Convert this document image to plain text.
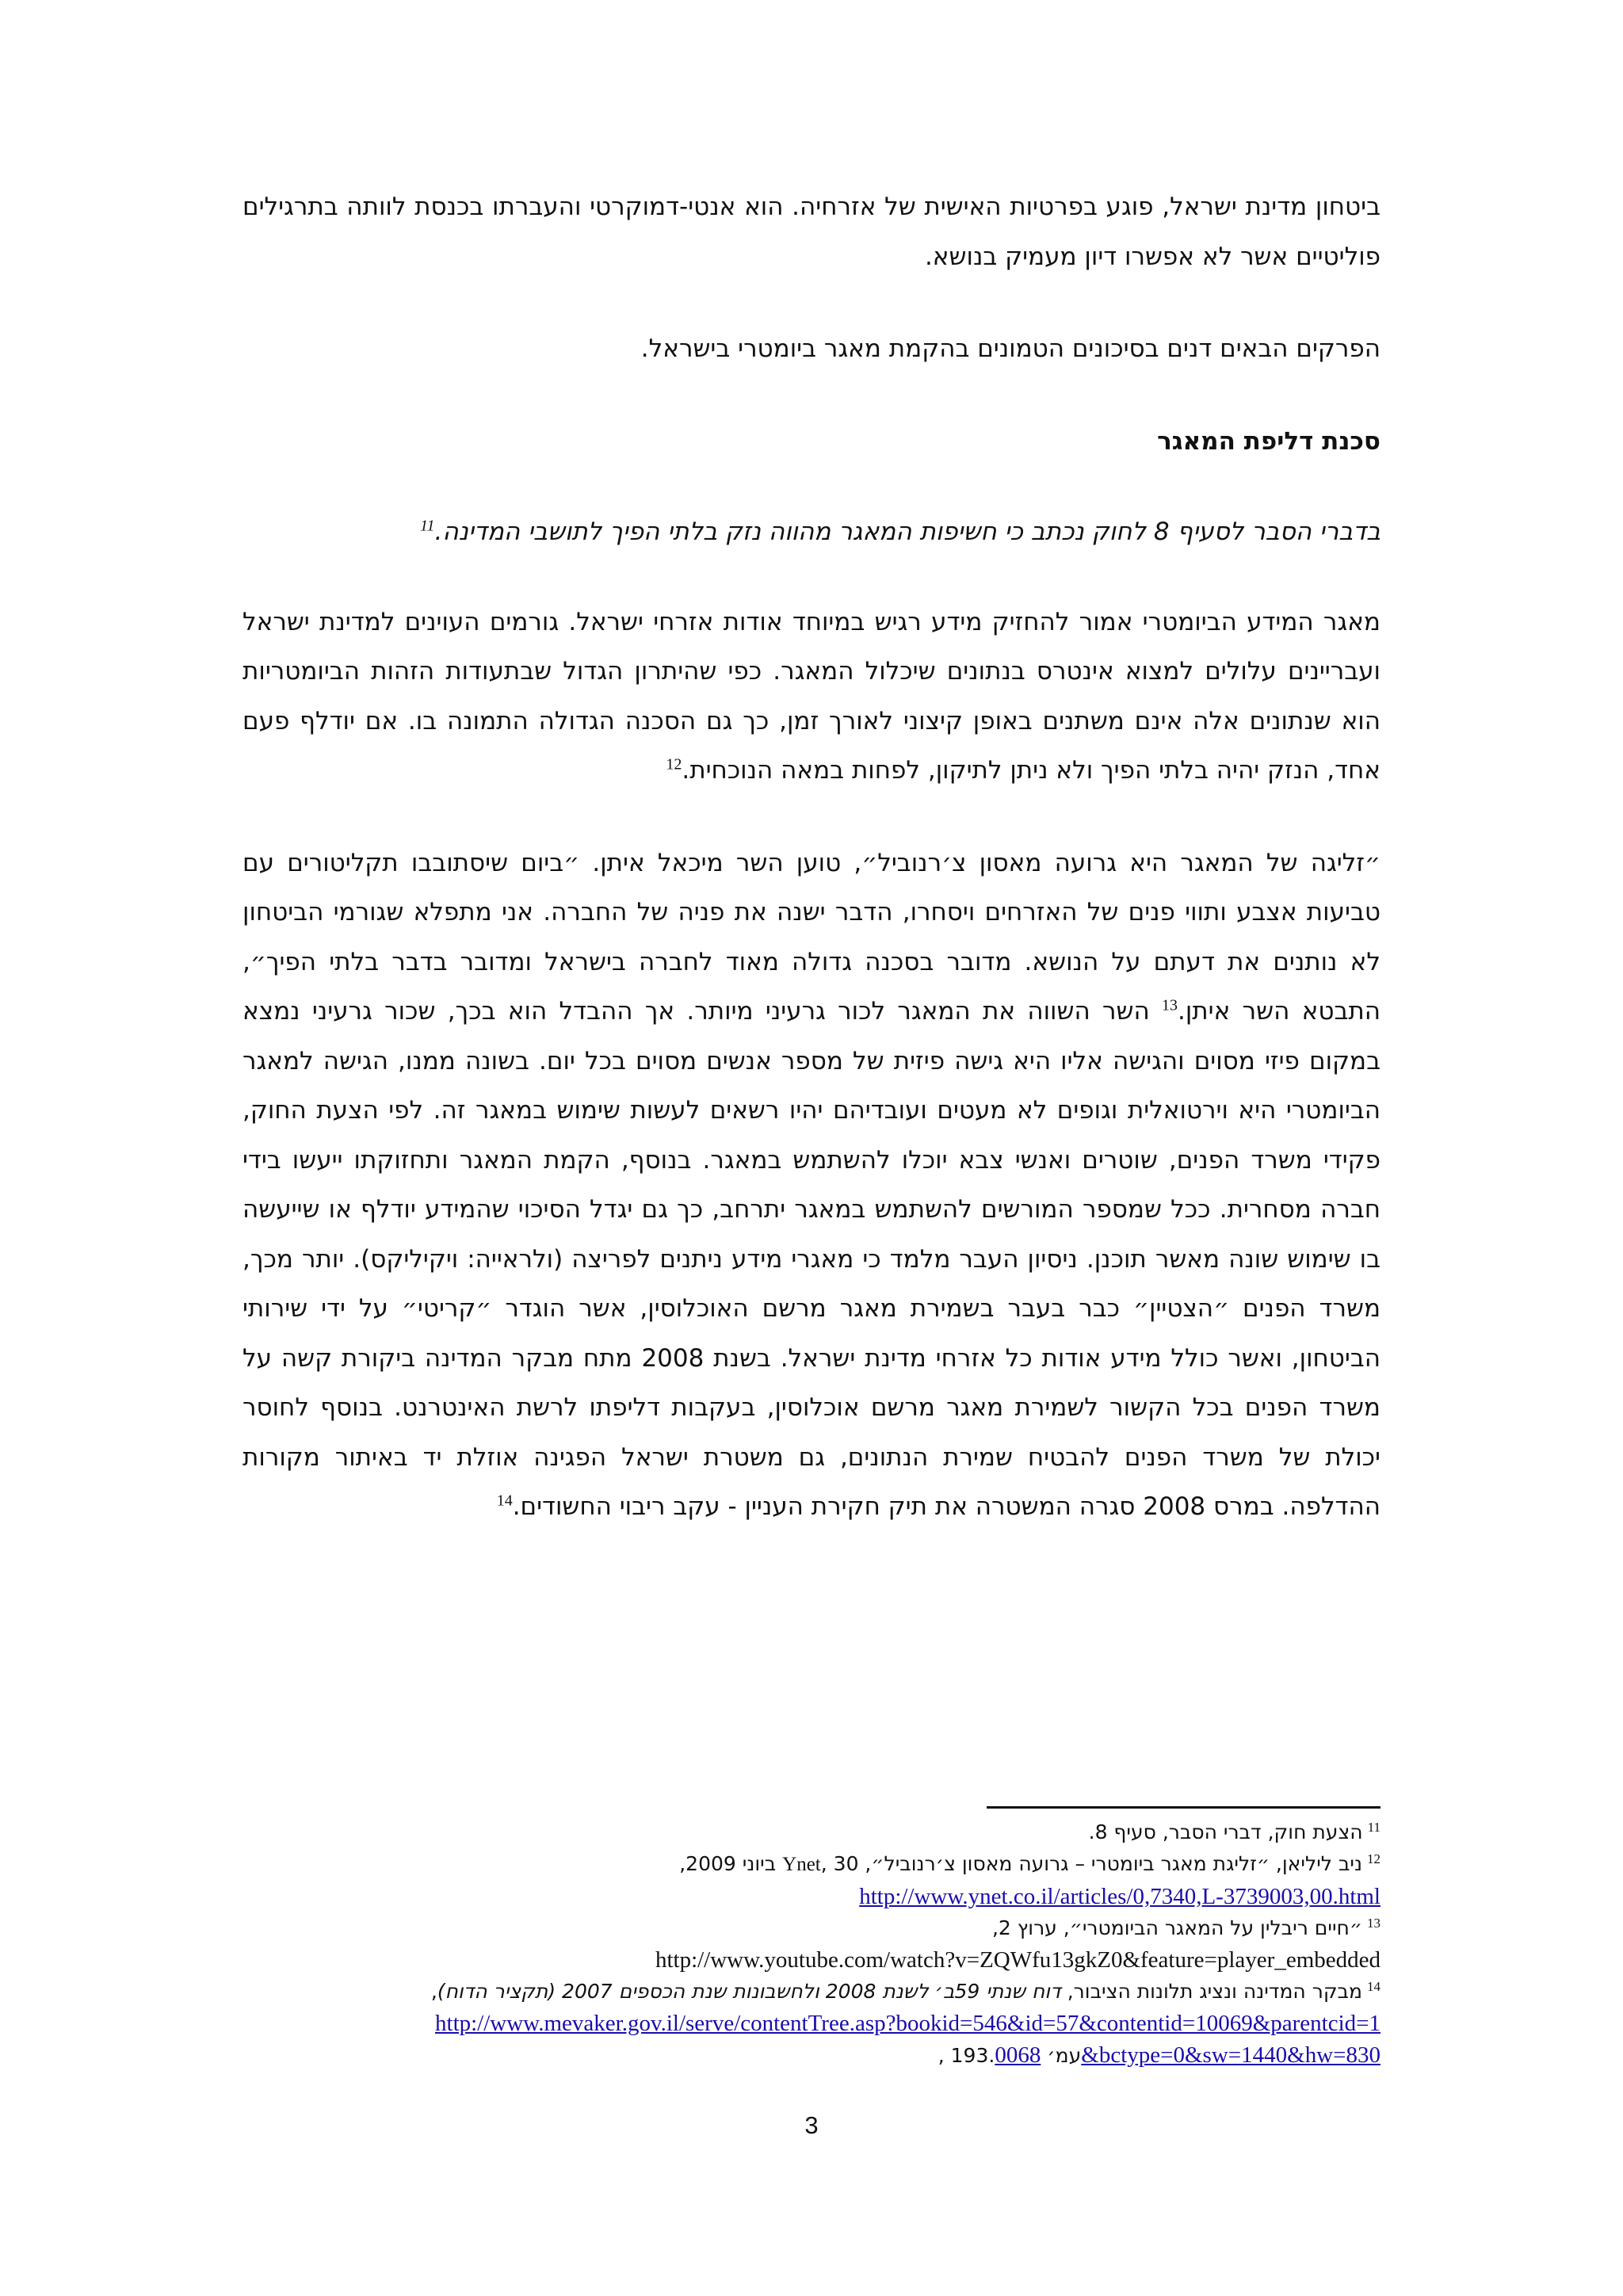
ביטחון מדינת ישראל, פוגע בפרטיות האישית של אזרחיה. הוא אנטי-דמוקרטי והעברתו בכנסת לוותה בתרגילים פוליטיים אשר לא אפשרו דיון מעמיק בנושא.

הפרקים הבאים דנים בסיכונים הטמונים בהקמת מאגר ביומטרי בישראל.

סכנת דליפת המאגר

בדברי הסבר לסעיף 8 לחוק נכתב כי חשיפות המאגר מהווה נזק בלתי הפיך לתושבי המדינה.$^{11}$

מאגר המידע הביומטרי אמור להחזיק מידע רגיש במיוחד אודות אזרחי ישראל. גורמים העוינים למדינת ישראל ועבריינים עלולים למצוא אינטרס בנתונים שיכלול המאגר. כפי שהיתרון הגדול שבתעודות הזהות הביומטריות הוא שנתונים אלה אינם משתנים באופן קיצוני לאורך זמן, כך גם הסכנה הגדולה התמונה בו. אם יודלף פעם אחד, הנזק יהיה בלתי הפיך ולא ניתן לתיקון, לפחות במאה הנוכחית.$^{12}$

״זליגה של המאגר היא גרועה מאסון צ׳רנוביל״, טוען השר מיכאל איתן. ״ביום שיסתובבו תקליטורים עם טביעות אצבע ותווי פנים של האזרחים ויסחרו, הדבר ישנה את פניה של החברה. אני מתפלא שגורמי הביטחון לא נותנים את דעתם על הנושא. מדובר בסכנה גדולה מאוד לחברה בישראל ומדובר בדבר בלתי הפיך״, התבטא השר איתן.$^{13}$ השר השווה את המאגר לכור גרעיני מיותר. אך ההבדל הוא בכך, שכור גרעיני נמצא במקום פיזי מסוים והגישה אליו היא גישה פיזית של מספר אנשים מסוים בכל יום. בשונה ממנו, הגישה למאגר הביומטרי היא וירטואלית וגופים לא מעטים ועובדיהם יהיו רשאים לעשות שימוש במאגר זה. לפי הצעת החוק, פקידי משרד הפנים, שוטרים ואנשי צבא יוכלו להשתמש במאגר. בנוסף, הקמת המאגר ותחזוקתו ייעשו בידי חברה מסחרית. ככל שמספר המורשים להשתמש במאגר יתרחב, כך גם יגדל הסיכוי שהמידע יודלף או שייעשה בו שימוש שונה מאשר תוכנן. ניסיון העבר מלמד כי מאגרי מידע ניתנים לפריצה (ולראייה: ויקיליקס). יותר מכך, משרד הפנים ״הצטיין״ כבר בעבר בשמירת מאגר מרשם האוכלוסין, אשר הוגדר ״קריטי״ על ידי שירותי הביטחון, ואשר כולל מידע אודות כל אזרחי מדינת ישראל. בשנת 2008 מתח מבקר המדינה ביקורת קשה על משרד הפנים בכל הקשור לשמירת מאגר מרשם אוכלוסין, בעקבות דליפתו לרשת האינטרנט. בנוסף לחוסר יכולת של משרד הפנים להבטיח שמירת הנתונים, גם משטרת ישראל הפגינה אוזלת יד באיתור מקורות ההדלפה. במרס 2008 סגרה המשטרה את תיק חקירת העניין - עקב ריבוי החשודים.$^{14}$

$^{11}$הצעת חוק, דברי הסבר, סעיף 8.

$^{12}$ניב ליליאן, ״זליגת מאגר ביומטרי – גרועה מאסון צ׳רנוביל״, Ynet, 30 ביוני 2009,

http://www.ynet.co.il/articles/0,7340,L-3739003,00.html

$^{13}$״חיים ריבלין על המאגר הביומטרי״, ערוץ 2,

http://www.youtube.com/watch?v=ZQWfu13gkZ0&feature=player_embedded

$^{14}$מבקר המדינה ונציג תלונות הציבור, דוח שנתי 59ב׳ לשנת 2008 ולחשבונות שנת הכספים 2007 (תקציר הדוח),

http://www.mevaker.gov.il/serve/contentTree.asp?bookid=546&id=57&contentid=10069&parentcid=1

, עמ׳ 193.0068&bctype=0&sw=1440&hw=830

3
